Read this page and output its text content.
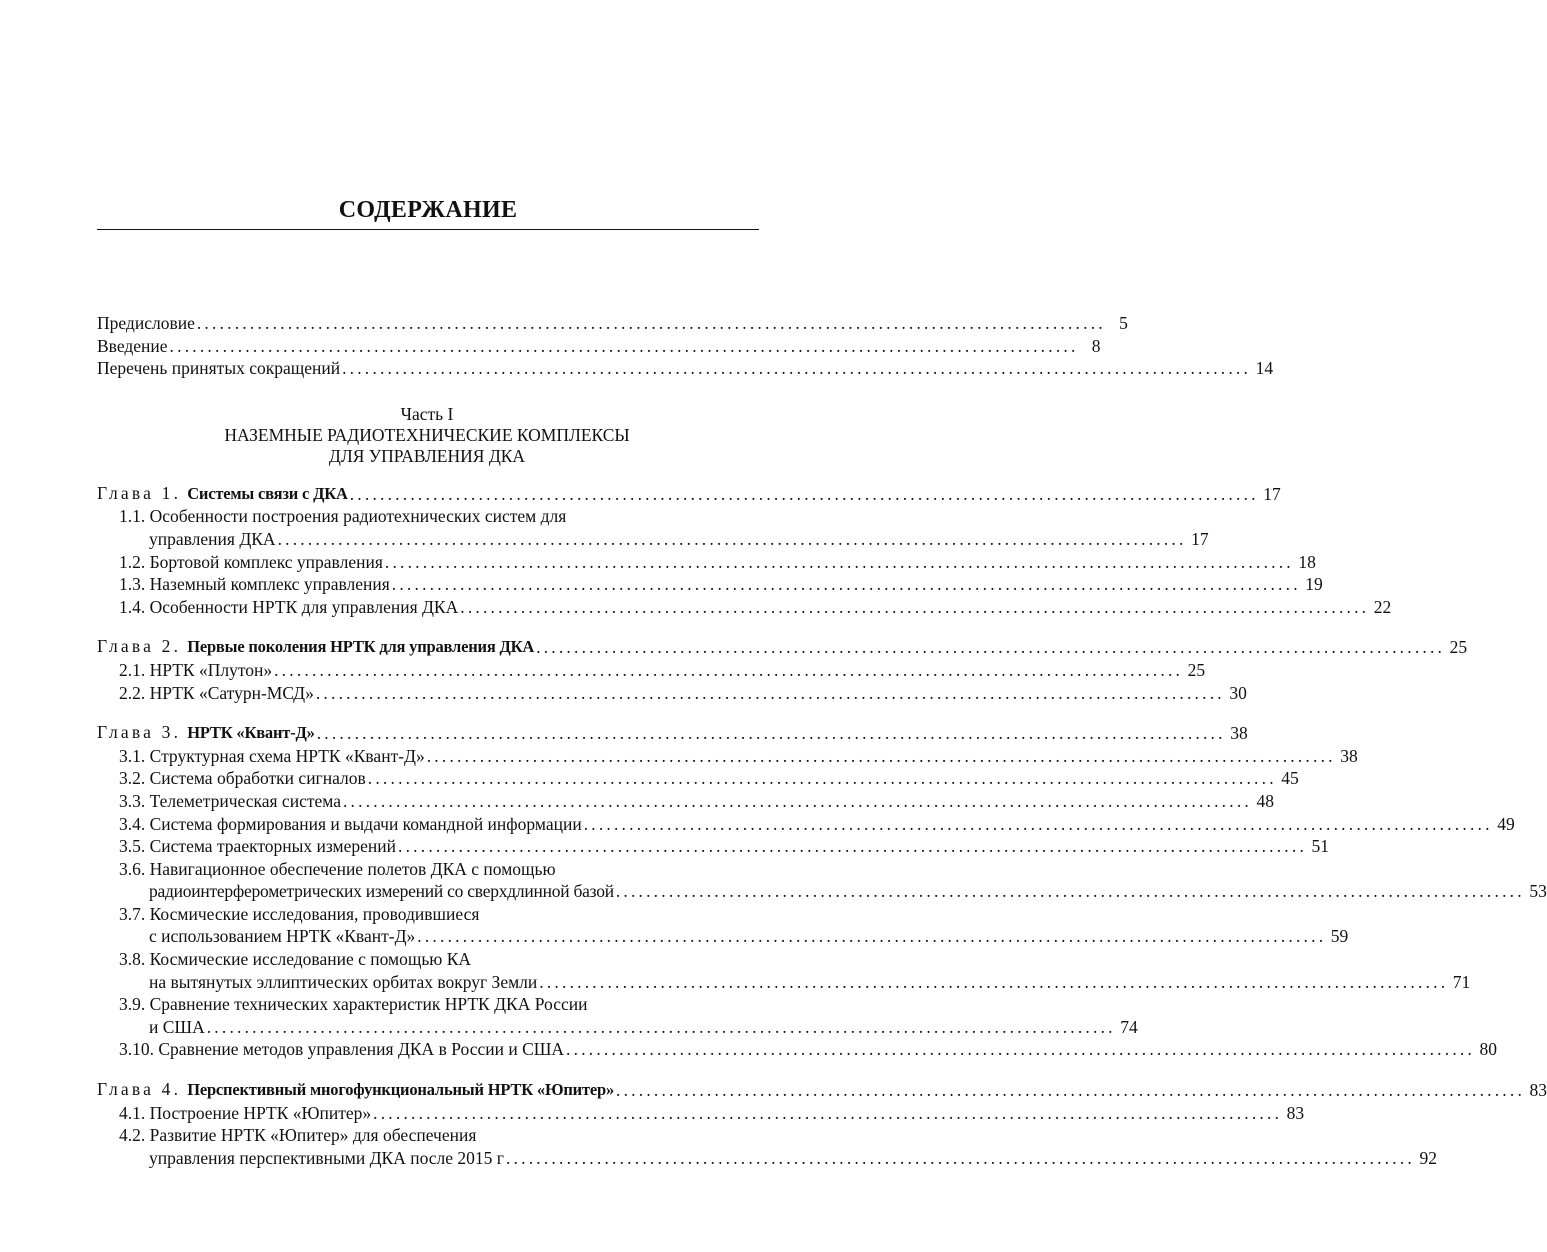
СОДЕРЖАНИЕ
Предисловие ........................................................................................................................ 5
Введение ........................................................................................................................ 8
Перечень принятых сокращений ........................................................................................................................ 14
Часть I
НАЗЕМНЫЕ РАДИОТЕХНИЧЕСКИЕ КОМПЛЕКСЫ
ДЛЯ УПРАВЛЕНИЯ ДКА
Глава 1. Системы связи с ДКА ........................................................................................................................ 17
1.1. Особенности построения радиотехнических систем для
управления ДКА ........................................................................................................................ 17
1.2. Бортовой комплекс управления ........................................................................................................................ 18
1.3. Наземный комплекс управления ........................................................................................................................ 19
1.4. Особенности НРТК для управления ДКА ........................................................................................................................ 22
Глава 2. Первые поколения НРТК для управления ДКА ........................................................................................................................ 25
2.1. НРТК «Плутон» ........................................................................................................................ 25
2.2. НРТК «Сатурн-МСД» ........................................................................................................................ 30
Глава 3. НРТК «Квант-Д» ........................................................................................................................ 38
3.1. Структурная схема НРТК «Квант-Д» ........................................................................................................................ 38
3.2. Система обработки сигналов ........................................................................................................................ 45
3.3. Телеметрическая система ........................................................................................................................ 48
3.4. Система формирования и выдачи командной информации ........................................................................................................................ 49
3.5. Система траекторных измерений ........................................................................................................................ 51
3.6. Навигационное обеспечение полетов ДКА с помощью
радиоинтерферометрических измерений со сверхдлинной базой ........................................................................................................................ 53
3.7. Космические исследования, проводившиеся
с использованием НРТК «Квант-Д» ........................................................................................................................ 59
3.8. Космические исследование с помощью КА
на вытянутых эллиптических орбитах вокруг Земли ........................................................................................................................ 71
3.9. Сравнение технических характеристик НРТК ДКА России
и США ........................................................................................................................ 74
3.10. Сравнение методов управления ДКА в России и США ........................................................................................................................ 80
Глава 4. Перспективный многофункциональный НРТК «Юпитер» ........................................................................................................................ 83
4.1. Построение НРТК «Юпитер» ........................................................................................................................ 83
4.2. Развитие НРТК «Юпитер» для обеспечения
управления перспективными ДКА после 2015 г ........................................................................................................................ 92
